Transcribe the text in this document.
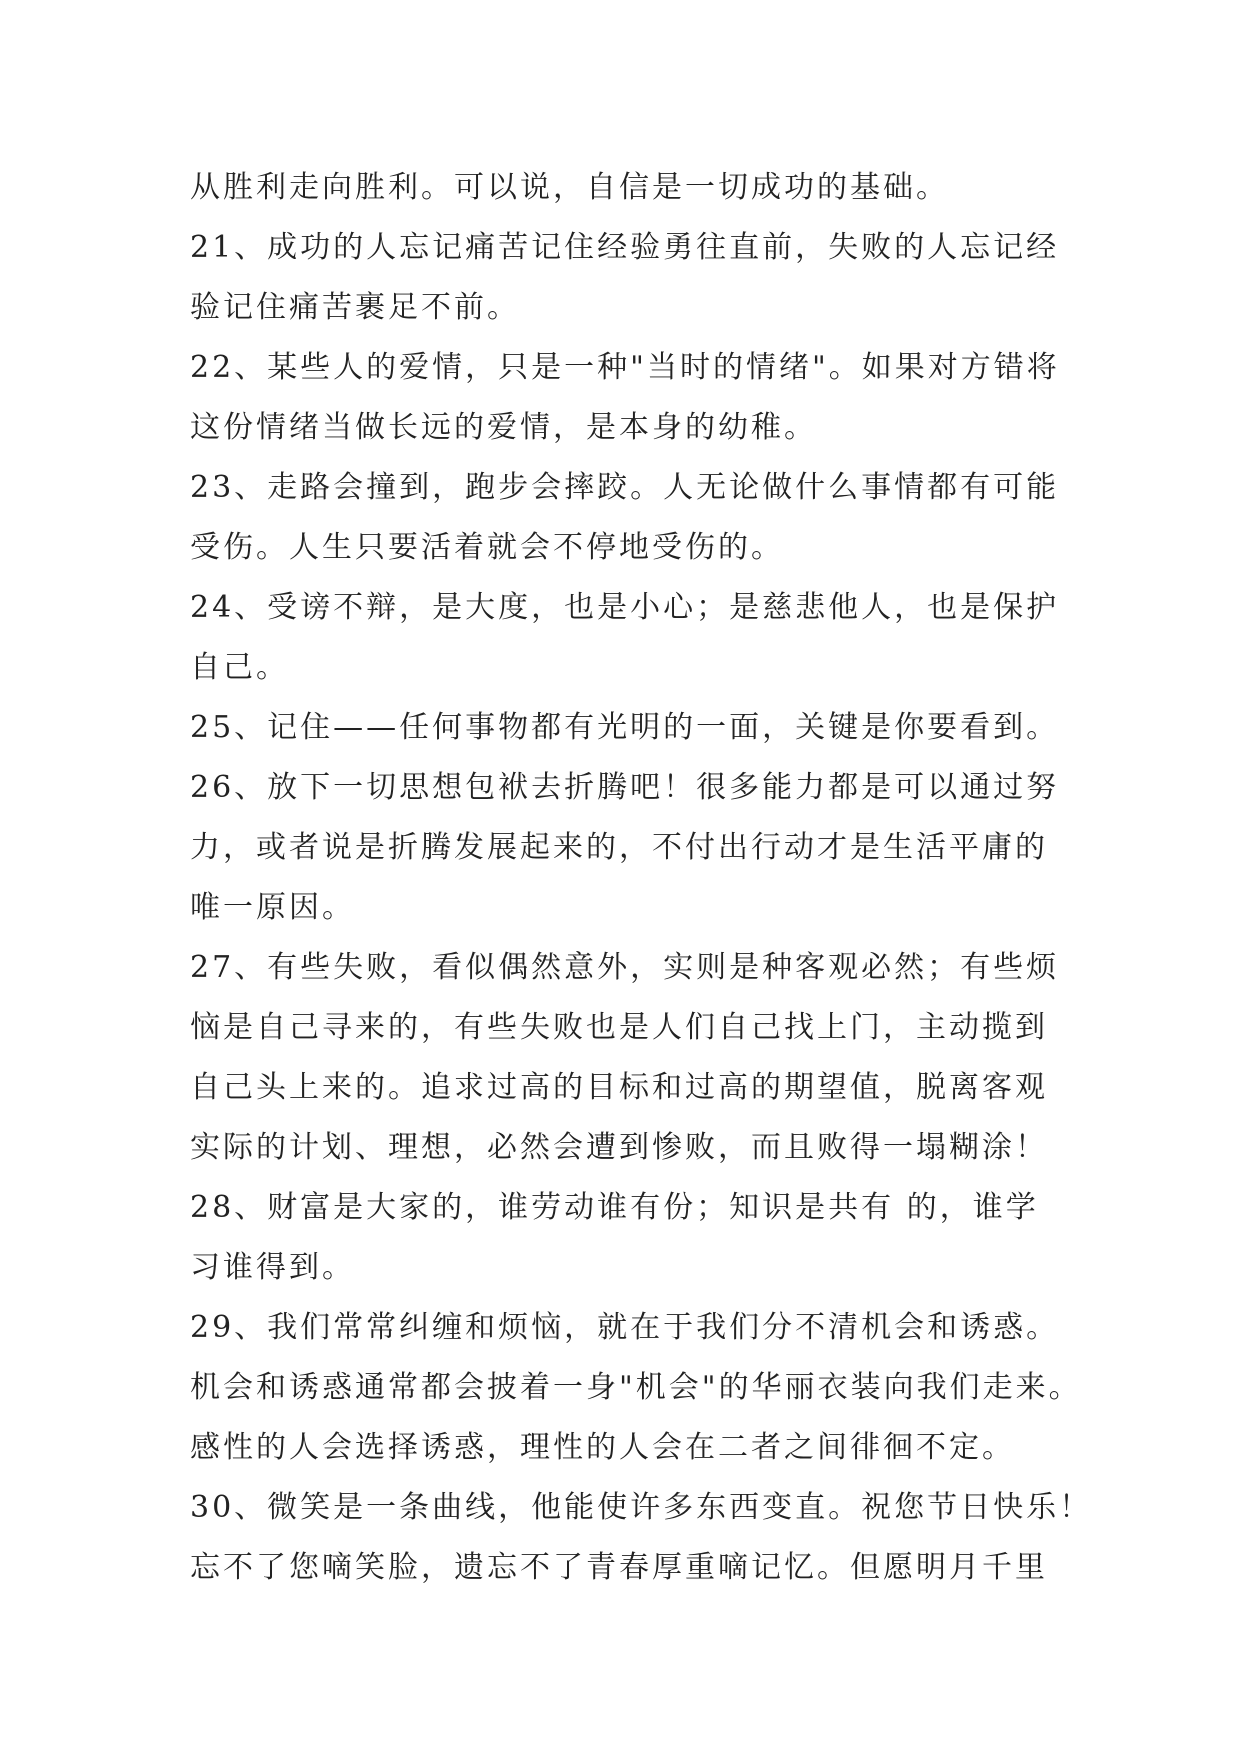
从胜利走向胜利。可以说，自信是一切成功的基础。
21、成功的人忘记痛苦记住经验勇往直前，失败的人忘记经
验记住痛苦裹足不前。
22、某些人的爱情，只是一种"当时的情绪"。如果对方错将
这份情绪当做长远的爱情，是本身的幼稚。
23、走路会撞到，跑步会摔跤。人无论做什么事情都有可能
受伤。人生只要活着就会不停地受伤的。
24、受谤不辩，是大度，也是小心；是慈悲他人，也是保护
自己。
25、记住——任何事物都有光明的一面，关键是你要看到。
26、放下一切思想包袱去折腾吧！很多能力都是可以通过努
力，或者说是折腾发展起来的，不付出行动才是生活平庸的
唯一原因。
27、有些失败，看似偶然意外，实则是种客观必然；有些烦
恼是自己寻来的，有些失败也是人们自己找上门，主动揽到
自己头上来的。追求过高的目标和过高的期望值，脱离客观
实际的计划、理想，必然会遭到惨败，而且败得一塌糊涂！
28、财富是大家的，谁劳动谁有份；知识是共有 的，谁学
习谁得到。
29、我们常常纠缠和烦恼，就在于我们分不清机会和诱惑。
机会和诱惑通常都会披着一身"机会"的华丽衣装向我们走来。
感性的人会选择诱惑，理性的人会在二者之间徘徊不定。
30、微笑是一条曲线，他能使许多东西变直。祝您节日快乐！
忘不了您嘀笑脸，遗忘不了青春厚重嘀记忆。但愿明月千里
